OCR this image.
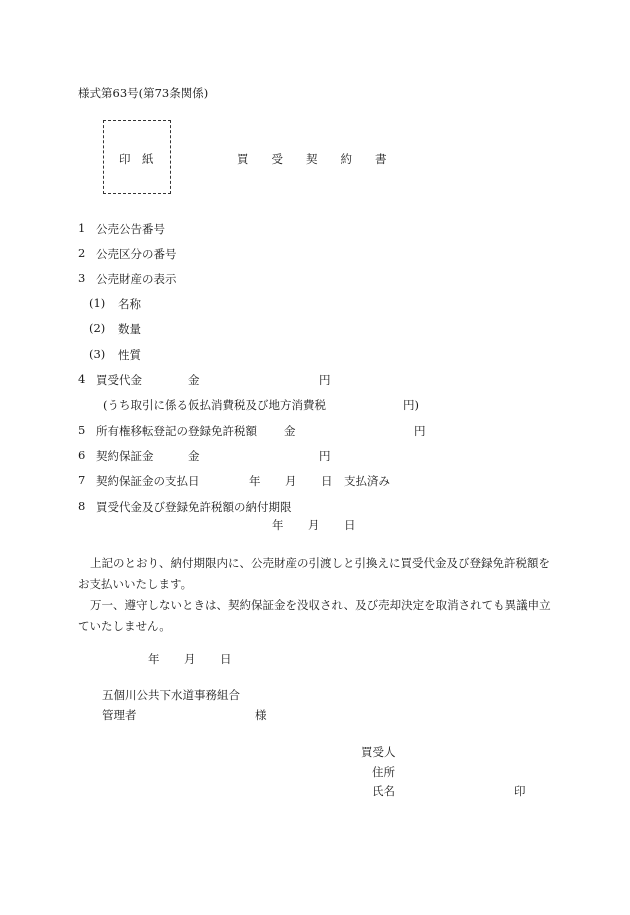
様式第63号(第73条関係)
印　紙	買　　受　　契　　約　　書
1 公売公告番号
2 公売区分の番号
3 公売財産の表示
(1) 名称
(2) 数量
(3) 性質
4 買受代金	金	円
(うち取引に係る仮払消費税及び地方消費税	円)
5 所有権移転登記の登録免許税額 金	円
6 契約保証金	金	円
7 契約保証金の支払日	年 月 日 支払済み
8 買受代金及び登録免許税額の納付期限
年 月 日
上記のとおり、納付期限内に、公売財産の引渡しと引換えに買受代金及び登録免許税額をお支払いいたします。
万一、遵守しないときは、契約保証金を没収され、及び売却決定を取消されても異議申立ていたしません。
年 月 日
五個川公共下水道事務組合
管理者	様
買受人
住所
氏名	印
